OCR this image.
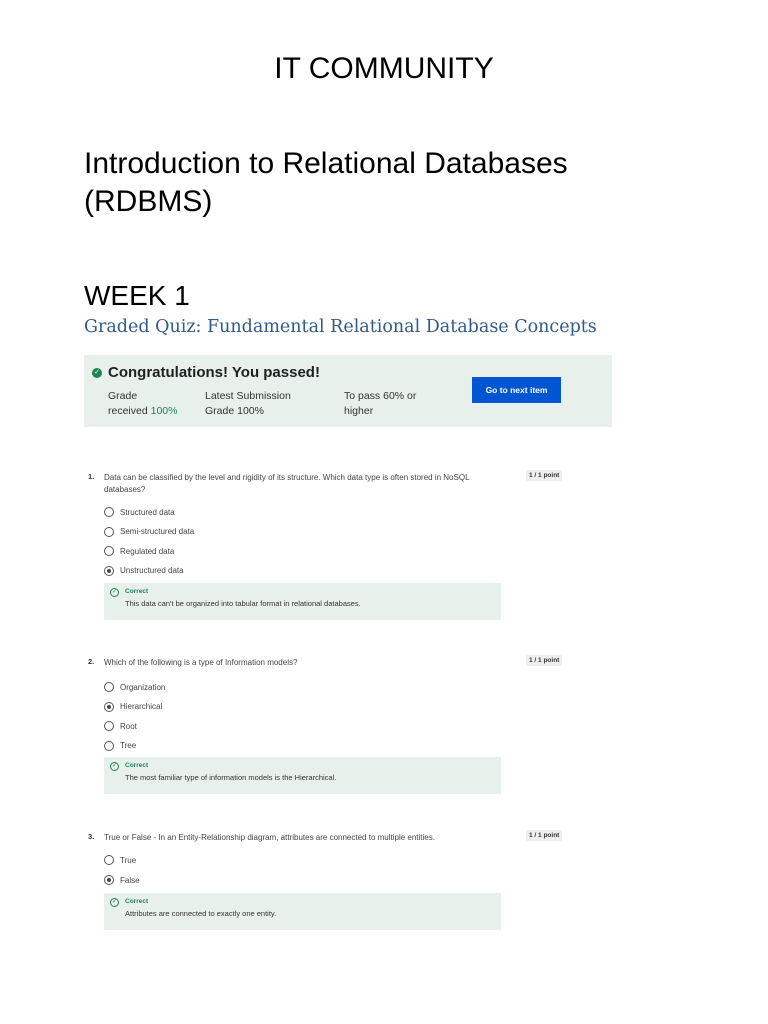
IT COMMUNITY
Introduction to Relational Databases (RDBMS)
WEEK 1
Graded Quiz: Fundamental Relational Database Concepts
✓ Congratulations! You passed!
Grade
received 100%
Latest Submission
Grade 100%
To pass 60% or
higher
Go to next item
1. Data can be classified by the level and rigidity of its structure. Which data type is often stored in NoSQL databases?
1 / 1 point
Structured data
Semi-structured data
Regulated data
Unstructured data
✓	Correct
This data can't be organized into tabular format in relational databases.
2. Which of the following is a type of Information models?	1 / 1 point
Organization
Hierarchical
Root
Tree
✓	Correct
The most familiar type of information models is the Hierarchical.
3. True or False - In an Entity-Relationship diagram, attributes are connected to multiple entities.	1 / 1 point
True
False
✓	Correct
Attributes are connected to exactly one entity.
